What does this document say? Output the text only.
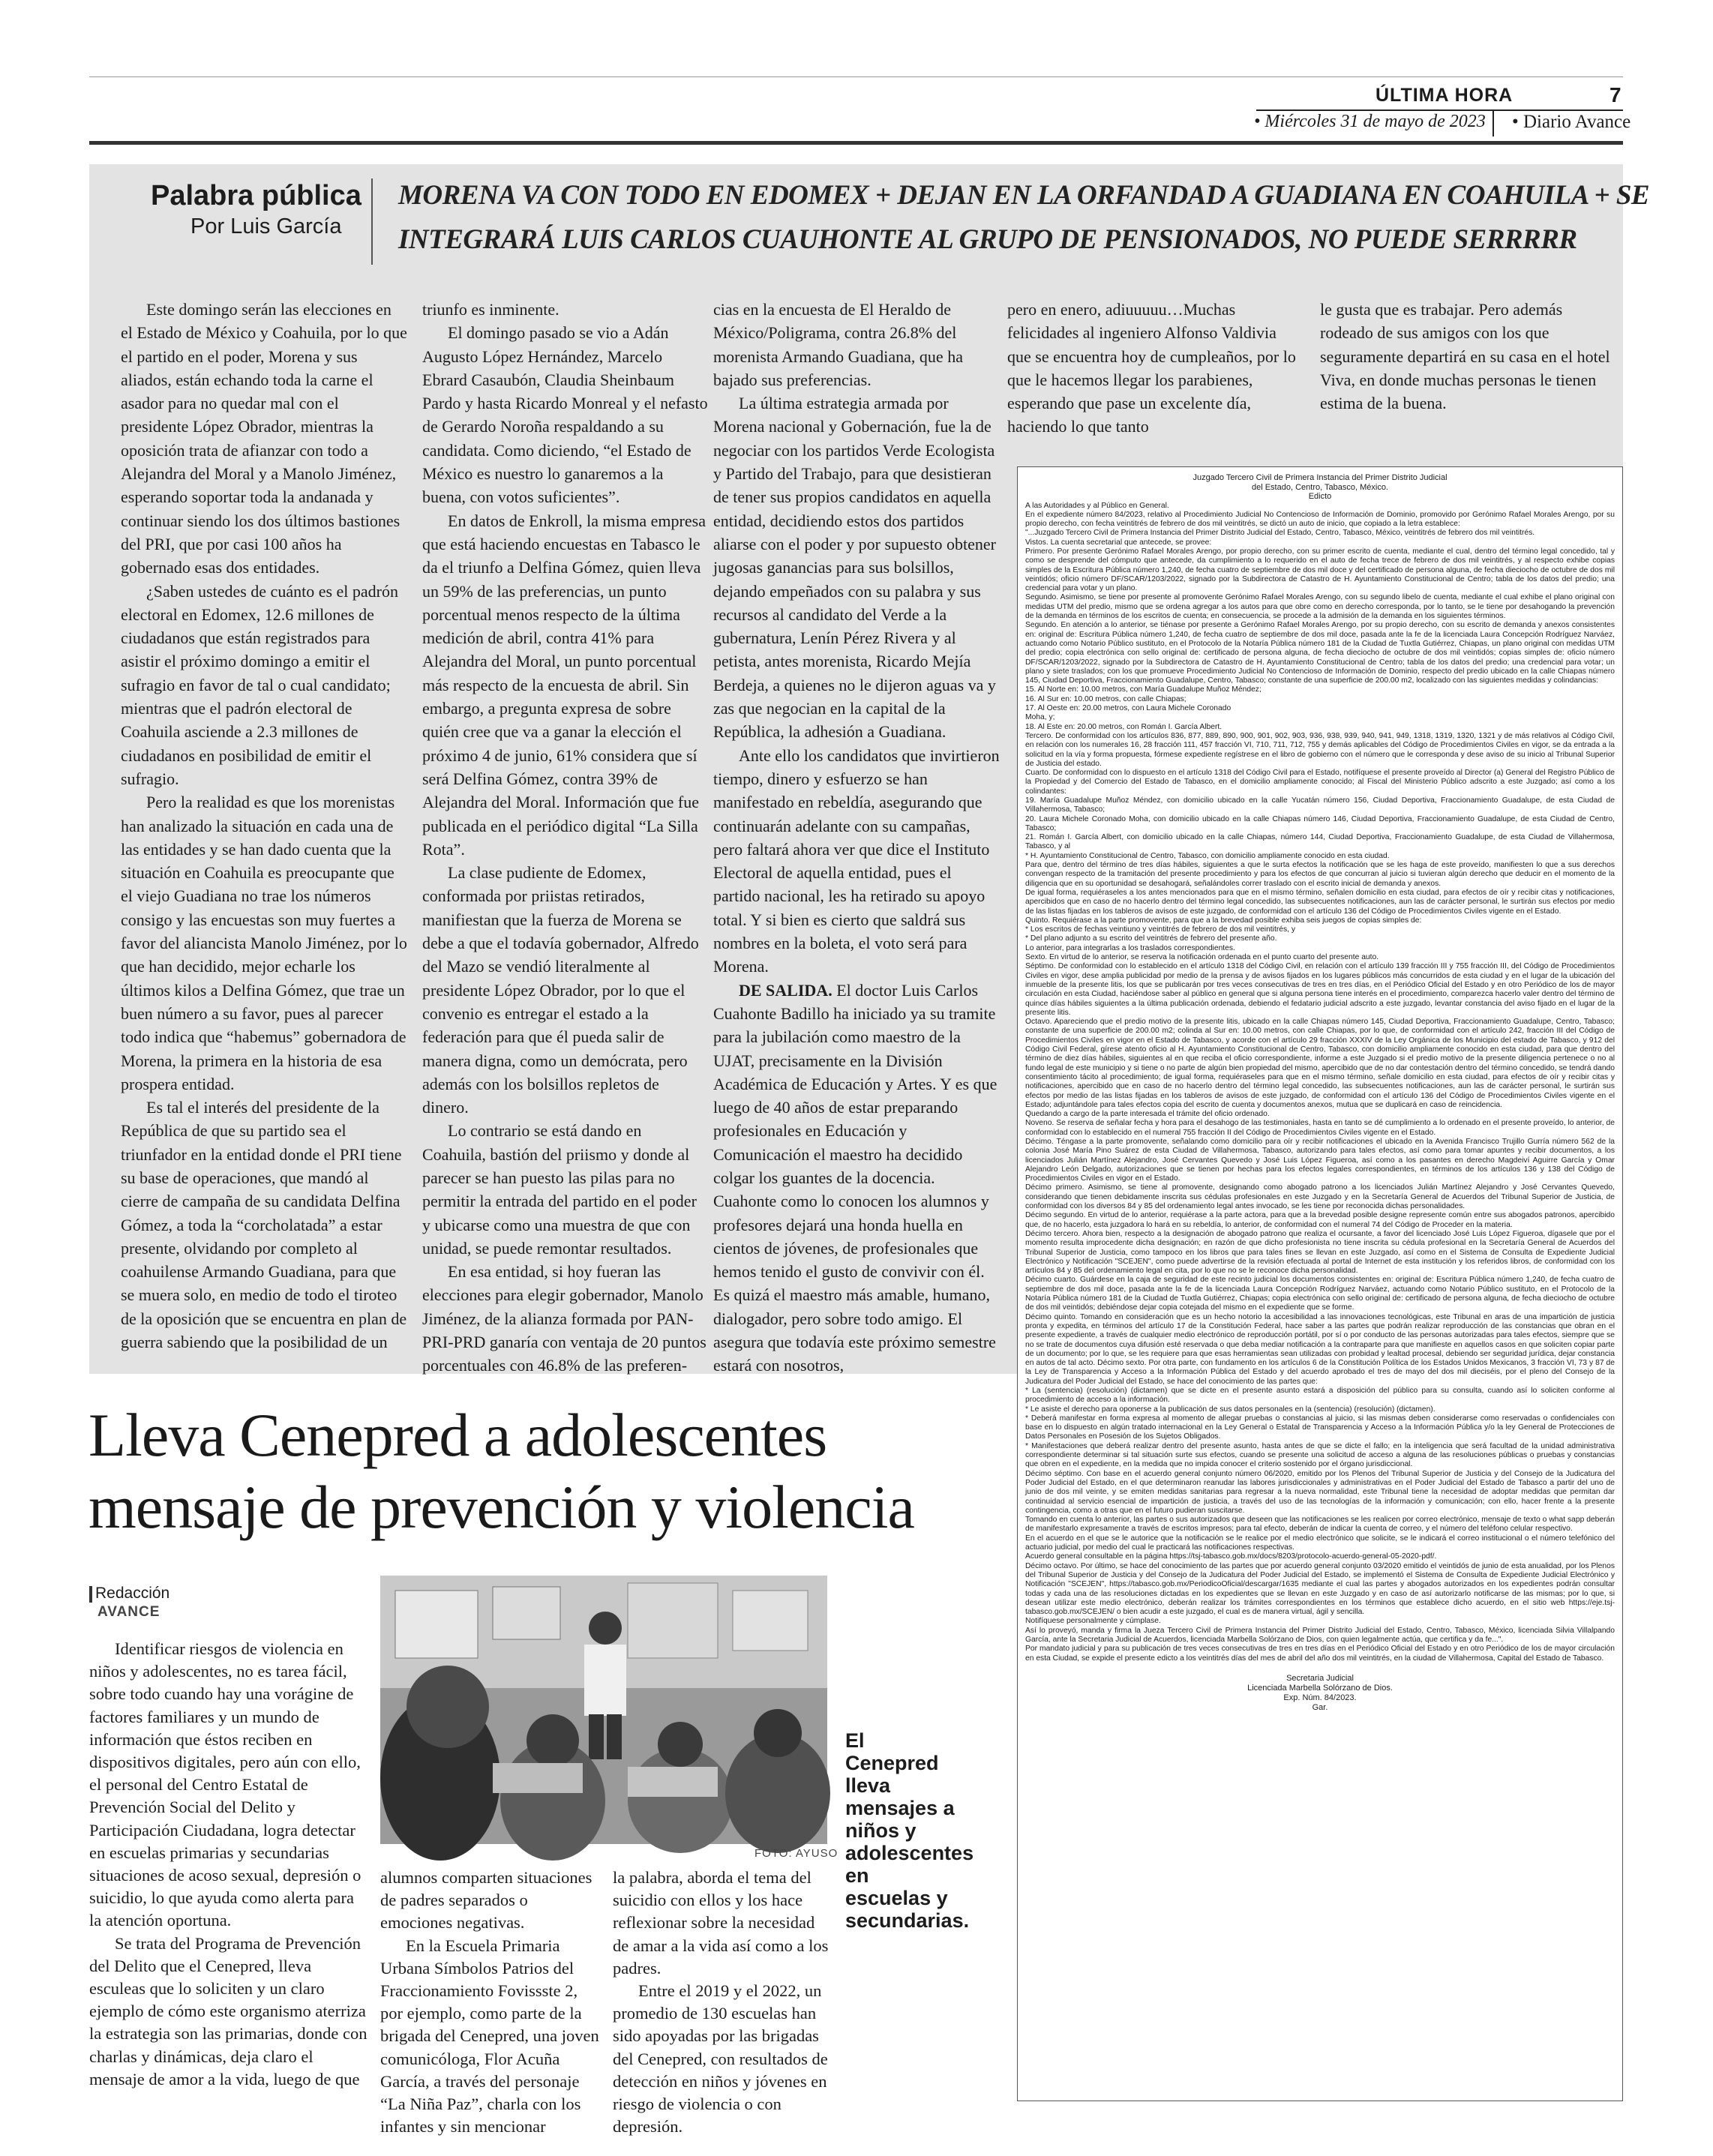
ÚLTIMA HORA	7
• Miércoles 31 de mayo de 2023 • Diario Avance
Palabra pública
Por Luis García
MORENA VA CON TODO EN EDOMEX + DEJAN EN LA ORFANDAD A GUADIANA EN COAHUILA + SE
INTEGRARÁ LUIS CARLOS CUAUHONTE AL GRUPO DE PENSIONADOS, NO PUEDE SERRRRR

Este domingo serán las elecciones en el Estado de México y Coahuila, por lo que el partido en el poder, Morena y sus aliados, están echando toda la carne el asador para no quedar mal con el presidente López Obrador, mientras la oposición trata de afianzar con todo a Alejandra del Moral y a Manolo Jiménez, esperando soportar toda la andanada y continuar siendo los dos últimos bastiones del PRI, que por casi 100 años ha gobernado esas dos entidades.

¿Saben ustedes de cuánto es el padrón electoral en Edomex, 12.6 millones de ciudadanos que están registrados para asistir el próximo domingo a emitir el sufragio en favor de tal o cual candidato; mientras que el padrón electoral de Coahuila asciende a 2.3 millones de ciudadanos en posibilidad de emitir el sufragio.

Pero la realidad es que los morenistas han analizado la situación en cada una de las entidades y se han dado cuenta que la situación en Coahuila es preocupante que el viejo Guadiana no trae los números consigo y las encuestas son muy fuertes a favor del aliancista Manolo Jiménez, por lo que han decidido, mejor echarle los últimos kilos a Delfina Gómez, que trae un buen número a su favor, pues al parecer todo indica que “habemus” gobernadora de Morena, la primera en la historia de esa prospera entidad.

Es tal el interés del presidente de la República de que su partido sea el triunfador en la entidad donde el PRI tiene su base de operaciones, que mandó al cierre de campaña de su candidata Delfina Gómez, a toda la “corcholatada” a estar presente, olvidando por completo al coahuilense Armando Guadiana, para que se muera solo, en medio de todo el tiroteo de la oposición que se encuentra en plan de guerra sabiendo que la posibilidad de un

triunfo es inminente.

El domingo pasado se vio a Adán Augusto López Hernández, Marcelo Ebrard Casaubón, Claudia Sheinbaum Pardo y hasta Ricardo Monreal y el nefasto de Gerardo Noroña respaldando a su candidata. Como diciendo, “el Estado de México es nuestro lo ganaremos a la buena, con votos suficientes”.

En datos de Enkroll, la misma empresa que está haciendo encuestas en Tabasco le da el triunfo a Delfina Gómez, quien lleva un 59% de las preferencias, un punto porcentual menos respecto de la última medición de abril, contra 41% para Alejandra del Moral, un punto porcentual más respecto de la encuesta de abril. Sin embargo, a pregunta expresa de sobre quién cree que va a ganar la elección el próximo 4 de junio, 61% considera que sí será Delfina Gómez, contra 39% de Alejandra del Moral. Información que fue publicada en el periódico digital “La Silla Rota”.

La clase pudiente de Edomex, conformada por priistas retirados, manifiestan que la fuerza de Morena se debe a que el todavía gobernador, Alfredo del Mazo se vendió literalmente al presidente López Obrador, por lo que el convenio es entregar el estado a la federación para que él pueda salir de manera digna, como un demócrata, pero además con los bolsillos repletos de dinero.

Lo contrario se está dando en Coahuila, bastión del priismo y donde al parecer se han puesto las pilas para no permitir la entrada del partido en el poder y ubicarse como una muestra de que con unidad, se puede remontar resultados.

En esa entidad, si hoy fueran las elecciones para elegir gobernador, Manolo Jiménez, de la alianza formada por PAN-PRI-PRD ganaría con ventaja de 20 puntos porcentuales con 46.8% de las preferen-

cias en la encuesta de El Heraldo de México/Poligrama, contra 26.8% del morenista Armando Guadiana, que ha bajado sus preferencias.

La última estrategia armada por Morena nacional y Gobernación, fue la de negociar con los partidos Verde Ecologista y Partido del Trabajo, para que desistieran de tener sus propios candidatos en aquella entidad, decidiendo estos dos partidos aliarse con el poder y por supuesto obtener jugosas ganancias para sus bolsillos, dejando empeñados con su palabra y sus recursos al candidato del Verde a la gubernatura, Lenín Pérez Rivera y al petista, antes morenista, Ricardo Mejía Berdeja, a quienes no le dijeron aguas va y zas que negocian en la capital de la República, la adhesión a Guadiana.

Ante ello los candidatos que invirtieron tiempo, dinero y esfuerzo se han manifestado en rebeldía, asegurando que continuarán adelante con su campañas, pero faltará ahora ver que dice el Instituto Electoral de aquella entidad, pues el partido nacional, les ha retirado su apoyo total. Y si bien es cierto que saldrá sus nombres en la boleta, el voto será para Morena.

DE SALIDA. El doctor Luis Carlos Cuahonte Badillo ha iniciado ya su tramite para la jubilación como maestro de la UJAT, precisamente en la División Académica de Educación y Artes. Y es que luego de 40 años de estar preparando profesionales en Educación y Comunicación el maestro ha decidido colgar los guantes de la docencia. Cuahonte como lo conocen los alumnos y profesores dejará una honda huella en cientos de jóvenes, de profesionales que hemos tenido el gusto de convivir con él. Es quizá el maestro más amable, humano, dialogador, pero sobre todo amigo. El asegura que todavía este próximo semestre estará con nosotros,

pero en enero, adiuuuuu…Muchas felicidades al ingeniero Alfonso Valdivia que se encuentra hoy de cumpleaños, por lo que le hacemos llegar los parabienes, esperando que pase un excelente día, haciendo lo que tanto

le gusta que es trabajar. Pero además rodeado de sus amigos con los que seguramente departirá en su casa en el hotel Viva, en donde muchas personas le tienen estima de la buena.

Juzgado Tercero Civil de Primera Instancia del Primer Distrito Judicial

del Estado, Centro, Tabasco, México.

Edicto

A las Autoridades y al Público en General.

En el expediente número 84/2023, relativo al Procedimiento Judicial No Contencioso de Información de Dominio, promovido por Gerónimo Rafael Morales Arengo, por su propio derecho, con fecha veintitrés de febrero de dos mil veintitrés, se dictó un auto de inicio, que copiado a la letra establece:

"...Juzgado Tercero Civil de Primera Instancia del Primer Distrito Judicial del Estado, Centro, Tabasco, México, veintitrés de febrero dos mil veintitrés.

Vistos. La cuenta secretarial que antecede, se provee:

Primero. Por presente Gerónimo Rafael Morales Arengo, por propio derecho, con su primer escrito de cuenta, mediante el cual, dentro del término legal concedido, tal y como se desprende del cómputo que antecede, da cumplimiento a lo requerido en el auto de fecha trece de febrero de dos mil veintitrés, y al respecto exhibe copias simples de la Escritura Pública número 1,240, de fecha cuatro de septiembre de dos mil doce y del certificado de persona alguna, de fecha dieciocho de octubre de dos mil veintidós; oficio número DF/SCAR/1203/2022, signado por la Subdirectora de Catastro de H. Ayuntamiento Constitucional de Centro; tabla de los datos del predio; una credencial para votar y un plano.

Segundo. Asimismo, se tiene por presente al promovente Gerónimo Rafael Morales Arengo, con su segundo libelo de cuenta, mediante el cual exhibe el plano original con medidas UTM del predio, mismo que se ordena agregar a los autos para que obre como en derecho corresponda, por lo tanto, se le tiene por desahogando la prevención de la demanda en términos de los escritos de cuenta; en consecuencia, se procede a la admisión de la demanda en los siguientes términos.

Segundo. En atención a lo anterior, se tiénase por presente a Gerónimo Rafael Morales Arengo, por su propio derecho, con su escrito de demanda y anexos consistentes en: original de: Escritura Pública número 1,240, de fecha cuatro de septiembre de dos mil doce, pasada ante la fe de la licenciada Laura Concepción Rodríguez Narváez, actuando como Notario Público sustituto, en el Protocolo de la Notaría Pública número 181 de la Ciudad de Tuxtla Gutiérrez, Chiapas, un plano original con medidas UTM del predio; copia electrónica con sello original de: certificado de persona alguna, de fecha dieciocho de octubre de dos mil veintidós; copias simples de: oficio número DF/SCAR/1203/2022, signado por la Subdirectora de Catastro de H. Ayuntamiento Constitucional de Centro; tabla de los datos del predio; una credencial para votar; un plano y siete traslados; con los que promueve Procedimiento Judicial No Contencioso de Información de Dominio, respecto del predio ubicado en la calle Chiapas número 145, Ciudad Deportiva, Fraccionamiento Guadalupe, Centro, Tabasco; constante de una superficie de 200.00 m2, localizado con las siguientes medidas y colindancias:

15. Al Norte en: 10.00 metros, con María Guadalupe Muñoz Méndez;

16. Al Sur en: 10.00 metros, con calle Chiapas;

17. Al Oeste en: 20.00 metros, con Laura Michele Coronado

Moha, y;

18. Al Este en: 20.00 metros, con Román I. García Albert.

Tercero. De conformidad con los artículos 836, 877, 889, 890, 900, 901, 902, 903, 936, 938, 939, 940, 941, 949, 1318, 1319, 1320, 1321 y de más relativos al Código Civil, en relación con los numerales 16, 28 fracción 111, 457 fracción VI, 710, 711, 712, 755 y demás aplicables del Código de Procedimientos Civiles en vigor, se da entrada a la solicitud en la vía y forma propuesta, fórmese expediente regístrese en el libro de gobierno con el número que le corresponda y dese aviso de su inicio al Tribunal Superior de Justicia del estado.

Cuarto. De conformidad con lo dispuesto en el artículo 1318 del Código Civil para el Estado, notifíquese el presente proveído al Director (a) General del Registro Público de la Propiedad y del Comercio del Estado de Tabasco, en el domicilio ampliamente conocido; al Fiscal del Ministerio Público adscrito a este Juzgado; así como a los colindantes:

19. María Guadalupe Muñoz Méndez, con domicilio ubicado en la calle Yucatán número 156, Ciudad Deportiva, Fraccionamiento Guadalupe, de esta Ciudad de Villahermosa, Tabasco;

20. Laura Michele Coronado Moha, con domicilio ubicado en la calle Chiapas número 146, Ciudad Deportiva, Fraccionamiento Guadalupe, de esta Ciudad de Centro, Tabasco;

21. Román I. García Albert, con domicilio ubicado en la calle Chiapas, número 144, Ciudad Deportiva, Fraccionamiento Guadalupe, de esta Ciudad de Villahermosa, Tabasco, y al

* H. Ayuntamiento Constitucional de Centro, Tabasco, con domicilio ampliamente conocido en esta ciudad.

Para que, dentro del término de tres días hábiles, siguientes a que le surta efectos la notificación que se les haga de este proveído, manifiesten lo que a sus derechos convengan respecto de la tramitación del presente procedimiento y para los efectos de que concurran al juicio si tuvieran algún derecho que deducir en el momento de la diligencia que en su oportunidad se desahogará, señalándoles correr traslado con el escrito inicial de demanda y anexos.

De igual forma, requiéraseles a los antes mencionados para que en el mismo término, señalen domicilio en esta ciudad, para efectos de oír y recibir citas y notificaciones, apercibidos que en caso de no hacerlo dentro del término legal concedido, las subsecuentes notificaciones, aun las de carácter personal, le surtirán sus efectos por medio de las listas fijadas en los tableros de avisos de este juzgado, de conformidad con el artículo 136 del Código de Procedimientos Civiles vigente en el Estado.

Quinto. Requiérase a la parte promovente, para que a la brevedad posible exhiba seis juegos de copias simples de:

* Los escritos de fechas veintiuno y veintitrés de febrero de dos mil veintitrés, y

* Del plano adjunto a su escrito del veintitrés de febrero del presente año.

Lo anterior, para integrarlas a los traslados correspondientes.

Sexto. En virtud de lo anterior, se reserva la notificación ordenada en el punto cuarto del presente auto.

Séptimo. De conformidad con lo establecido en el artículo 1318 del Código Civil, en relación con el artículo 139 fracción III y 755 fracción III, del Código de Procedimientos Civiles en vigor, dese amplia publicidad por medio de la prensa y de avisos fijados en los lugares públicos más concurridos de esta ciudad y en el lugar de la ubicación del inmueble de la presente litis, los que se publicarán por tres veces consecutivas de tres en tres días, en el Periódico Oficial del Estado y en otro Periódico de los de mayor circulación en esta Ciudad, haciéndose saber al público en general que si alguna persona tiene interés en el procedimiento, comparezca hacerlo valer dentro del término de quince días hábiles siguientes a la última publicación ordenada, debiendo el fedatario judicial adscrito a este juzgado, levantar constancia del aviso fijado en el lugar de la presente litis.

Octavo. Apareciendo que el predio motivo de la presente litis, ubicado en la calle Chiapas número 145, Ciudad Deportiva, Fraccionamiento Guadalupe, Centro, Tabasco; constante de una superficie de 200.00 m2; colinda al Sur en: 10.00 metros, con calle Chiapas, por lo que, de conformidad con el artículo 242, fracción III del Código de Procedimientos Civiles en vigor en el Estado de Tabasco, y acorde con el artículo 29 fracción XXXIV de la Ley Orgánica de los Municipio del estado de Tabasco, y 912 del Código Civil Federal, gírese atento oficio al H. Ayuntamiento Constitucional de Centro, Tabasco, con domicilio ampliamente conocido en esta ciudad, para que dentro del término de diez días hábiles, siguientes al en que reciba el oficio correspondiente, informe a este Juzgado si el predio motivo de la presente diligencia pertenece o no al fundo legal de este municipio y si tiene o no parte de algún bien propiedad del mismo, apercibido que de no dar contestación dentro del término concedido, se tendrá dando consentimiento tácito al procedimiento; de igual forma, requiéraseles para que en el mismo término, señale domicilio en esta ciudad, para efectos de oír y recibir citas y notificaciones, apercibido que en caso de no hacerlo dentro del término legal concedido, las subsecuentes notificaciones, aun las de carácter personal, le surtirán sus efectos por medio de las listas fijadas en los tableros de avisos de este juzgado, de conformidad con el artículo 136 del Código de Procedimientos Civiles vigente en el Estado; adjuntándole para tales efectos copia del escrito de cuenta y documentos anexos, mutua que se duplicará en caso de reincidencia.

Quedando a cargo de la parte interesada el trámite del oficio ordenado.

Noveno. Se reserva de señalar fecha y hora para el desahogo de las testimoniales, hasta en tanto se dé cumplimiento a lo ordenado en el presente proveído, lo anterior, de conformidad con lo establecido en el numeral 755 fracción II del Código de Procedimientos Civiles vigente en el Estado.

Décimo. Téngase a la parte promovente, señalando como domicilio para oír y recibir notificaciones el ubicado en la Avenida Francisco Trujillo Gurría número 562 de la colonia José María Pino Suárez de esta Ciudad de Villahermosa, Tabasco, autorizando para tales efectos, así como para tomar apuntes y recibir documentos, a los licenciados Julián Martínez Alejandro, José Cervantes Quevedo y José Luis López Figueroa, así como a los pasantes en derecho Magdeiví Aguirre García y Omar Alejandro León Delgado, autorizaciones que se tienen por hechas para los efectos legales correspondientes, en términos de los artículos 136 y 138 del Código de Procedimientos Civiles en vigor en el Estado.

Décimo primero. Asimismo, se tiene al promovente, designando como abogado patrono a los licenciados Julián Martínez Alejandro y José Cervantes Quevedo, considerando que tienen debidamente inscrita sus cédulas profesionales en este Juzgado y en la Secretaría General de Acuerdos del Tribunal Superior de Justicia, de conformidad con los diversos 84 y 85 del ordenamiento legal antes invocado, se les tiene por reconocida dichas personalidades.

Décimo segundo. En virtud de lo anterior, requiérase a la parte actora, para que a la brevedad posible designe represente común entre sus abogados patronos, apercibido que, de no hacerlo, esta juzgadora lo hará en su rebeldía, lo anterior, de conformidad con el numeral 74 del Código de Proceder en la materia.

Décimo tercero. Ahora bien, respecto a la designación de abogado patrono que realiza el ocursante, a favor del licenciado José Luis López Figueroa, dígasele que por el momento resulta improcedente dicha designación; en razón de que dicho profesionista no tiene inscrita su cédula profesional en la Secretaría General de Acuerdos del Tribunal Superior de Justicia, como tampoco en los libros que para tales fines se llevan en este Juzgado, así como en el Sistema de Consulta de Expediente Judicial Electrónico y Notificación "SCEJEN", como puede advertirse de la revisión efectuada al portal de Internet de esta institución y los referidos libros, de conformidad con los artículos 84 y 85 del ordenamiento legal en cita, por lo que no se le reconoce dicha personalidad.

Décimo cuarto. Guárdese en la caja de seguridad de este recinto judicial los documentos consistentes en: original de: Escritura Pública número 1,240, de fecha cuatro de septiembre de dos mil doce, pasada ante la fe de la licenciada Laura Concepción Rodríguez Narváez, actuando como Notario Público sustituto, en el Protocolo de la Notaría Pública número 181 de la Ciudad de Tuxtla Gutiérrez, Chiapas; copia electrónica con sello original de: certificado de persona alguna, de fecha dieciocho de octubre de dos mil veintidós; debiéndose dejar copia cotejada del mismo en el expediente que se forme.

Décimo quinto. Tomando en consideración que es un hecho notorio la accesibilidad a las innovaciones tecnológicas, este Tribunal en aras de una impartición de justicia pronta y expedita, en términos del artículo 17 de la Constitución Federal, hace saber a las partes que podrán realizar reproducción de las constancias que obran en el presente expediente, a través de cualquier medio electrónico de reproducción portátil, por sí o por conducto de las personas autorizadas para tales efectos, siempre que se no se trate de documentos cuya difusión esté reservada o que deba mediar notificación a la contraparte para que manifieste en aquellos casos en que soliciten copiar parte de un documento; por lo que, se les requiere para que esas herramientas sean utilizadas con probidad y lealtad procesal, debiendo ser seguridad jurídica, dejar constancia en autos de tal acto. Décimo sexto. Por otra parte, con fundamento en los artículos 6 de la Constitución Política de los Estados Unidos Mexicanos, 3 fracción VI, 73 y 87 de la Ley de Transparencia y Acceso a la Información Pública del Estado y del acuerdo aprobado el tres de mayo del dos mil dieciséis, por el pleno del Consejo de la Judicatura del Poder Judicial del Estado, se hace del conocimiento de las partes que:

* La (sentencia) (resolución) (dictamen) que se dicte en el presente asunto estará a disposición del público para su consulta, cuando así lo soliciten conforme al procedimiento de acceso a la información.

* Le asiste el derecho para oponerse a la publicación de sus datos personales en la (sentencia) (resolución) (dictamen).

* Deberá manifestar en forma expresa al momento de allegar pruebas o constancias al juicio, si las mismas deben considerarse como reservadas o confidenciales con base en lo dispuesto en algún tratado internacional en la Ley General o Estatal de Transparencia y Acceso a la Información Pública y/o la ley General de Protecciones de Datos Personales en Posesión de los Sujetos Obligados.

* Manifestaciones que deberá realizar dentro del presente asunto, hasta antes de que se dicte el fallo; en la inteligencia que será facultad de la unidad administrativa correspondiente determinar si tal situación surte sus efectos, cuando se presente una solicitud de acceso a alguna de las resoluciones públicas o pruebas y constancias que obren en el expediente, en la medida que no impida conocer el criterio sostenido por el órgano jurisdiccional.

Décimo séptimo. Con base en el acuerdo general conjunto número 06/2020, emitido por los Plenos del Tribunal Superior de Justicia y del Consejo de la Judicatura del Poder Judicial del Estado, en el que determinaron reanudar las labores jurisdiccionales y administrativas en el Poder Judicial del Estado de Tabasco a partir del uno de junio de dos mil veinte, y se emiten medidas sanitarias para regresar a la nueva normalidad, este Tribunal tiene la necesidad de adoptar medidas que permitan dar continuidad al servicio esencial de impartición de justicia, a través del uso de las tecnologías de la información y comunicación; con ello, hacer frente a la presente contingencia, como a otras que en el futuro pudieran suscitarse.

Tomando en cuenta lo anterior, las partes o sus autorizados que deseen que las notificaciones se les realicen por correo electrónico, mensaje de texto o what sapp deberán de manifestarlo expresamente a través de escritos impresos; para tal efecto, deberán de indicar la cuenta de correo, y el número del teléfono celular respectivo.

En el acuerdo en el que se le autorice que la notificación se le realice por el medio electrónico que solicite, se le indicará el correo institucional o el número telefónico del actuario judicial, por medio del cual le practicará las notificaciones respectivas.

Acuerdo general consultable en la página https://tsj-tabasco.gob.mx/docs/8203/protocolo-acuerdo-general-05-2020-pdf/.

Décimo octavo. Por último, se hace del conocimiento de las partes que por acuerdo general conjunto 03/2020 emitido el veintidós de junio de esta anualidad, por los Plenos del Tribunal Superior de Justicia y del Consejo de la Judicatura del Poder Judicial del Estado, se implementó el Sistema de Consulta de Expediente Judicial Electrónico y Notificación "SCEJEN", https://tabasco.gob.mx/PeriodicoOficial/descargar/1635 mediante el cual las partes y abogados autorizados en los expedientes podrán consultar todas y cada una de las resoluciones dictadas en los expedientes que se llevan en este Juzgado y en caso de así autorizarlo notificarse de las mismas; por lo que, si desean utilizar este medio electrónico, deberán realizar los trámites correspondientes en los términos que establece dicho acuerdo, en el sitio web https://eje.tsj-tabasco.gob.mx/SCEJEN/ o bien acudir a este juzgado, el cual es de manera virtual, ágil y sencilla.

Notifíquese personalmente y cúmplase.

Así lo proveyó, manda y firma la Jueza Tercero Civil de Primera Instancia del Primer Distrito Judicial del Estado, Centro, Tabasco, México, licenciada Silvia Villalpando García, ante la Secretaria Judicial de Acuerdos, licenciada Marbella Solórzano de Dios, con quien legalmente actúa, que certifica y da fe...".

Por mandato judicial y para su publicación de tres veces consecutivas de tres en tres días en el Periódico Oficial del Estado y en otro Periódico de los de mayor circulación en esta Ciudad, se expide el presente edicto a los veintitrés días del mes de abril del año dos mil veintitrés, en la ciudad de Villahermosa, Capital del Estado de Tabasco.

Secretaria Judicial

Licenciada Marbella Solórzano de Dios.

Exp. Núm. 84/2023.

Gar.

Lleva Cenepred a adolescentes
mensaje de prevención y violencia
Redacción
AVANCE

Identificar riesgos de violencia en niños y adolescentes, no es tarea fácil, sobre todo cuando hay una vorágine de factores familiares y un mundo de información que éstos reciben en dispositivos digitales, pero aún con ello, el personal del Centro Estatal de Prevención Social del Delito y Participación Ciudadana, logra detectar en escuelas primarias y secundarias situaciones de acoso sexual, depresión o suicidio, lo que ayuda como alerta para la atención oportuna.

Se trata del Programa de Prevención del Delito que el Cenepred, lleva esculeas que lo soliciten y un claro ejemplo de cómo este organismo aterriza la estrategia son las primarias, donde con charlas y dinámicas, deja claro el mensaje de amor a la vida, luego de que

El Cenepred lleva mensajes a niños y adolescentes en escuelas y secundarias.
FOTO: AYUSO

alumnos comparten situaciones de padres separados o emociones negativas.

En la Escuela Primaria Urbana Símbolos Patrios del Fraccionamiento Fovissste 2, por ejemplo, como parte de la brigada del Cenepred, una joven comunicóloga, Flor Acuña García, a través del personaje “La Niña Paz”, charla con los infantes y sin mencionar

la palabra, aborda el tema del suicidio con ellos y los hace reflexionar sobre la necesidad de amar a la vida así como a los padres.

Entre el 2019 y el 2022, un promedio de 130 escuelas han sido apoyadas por las brigadas del Cenepred, con resultados de detección en niños y jóvenes en riesgo de violencia o con depresión.
